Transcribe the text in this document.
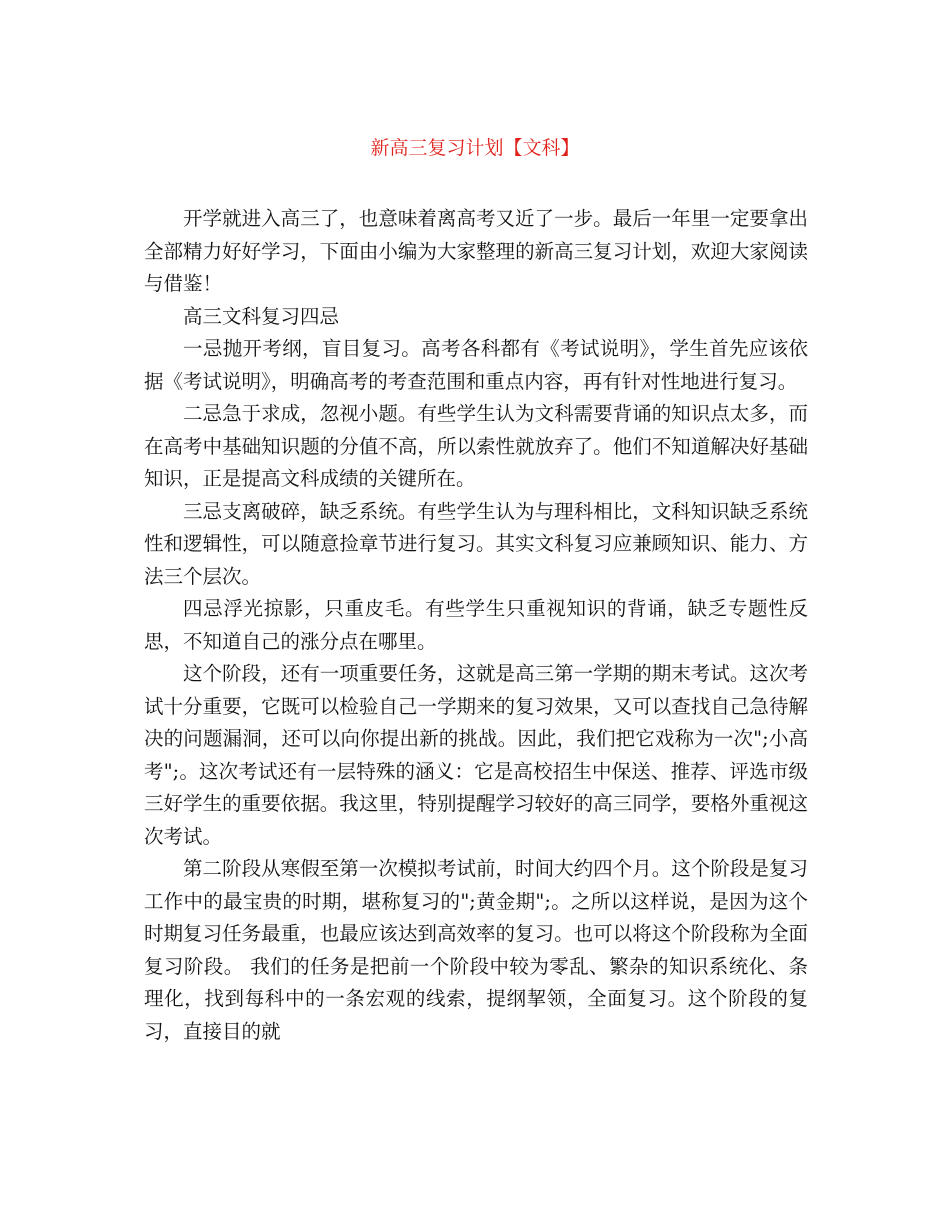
新高三复习计划【文科】

开学就进入高三了，也意味着离高考又近了一步。最后一年里一定要拿出全部精力好好学习，下面由小编为大家整理的新高三复习计划，欢迎大家阅读与借鉴！

高三文科复习四忌

一忌抛开考纲，盲目复习。高考各科都有《考试说明》，学生首先应该依据《考试说明》，明确高考的考查范围和重点内容，再有针对性地进行复习。

二忌急于求成，忽视小题。有些学生认为文科需要背诵的知识点太多，而在高考中基础知识题的分值不高，所以索性就放弃了。他们不知道解决好基础知识，正是提高文科成绩的关键所在。

三忌支离破碎，缺乏系统。有些学生认为与理科相比，文科知识缺乏系统性和逻辑性，可以随意捡章节进行复习。其实文科复习应兼顾知识、能力、方法三个层次。

四忌浮光掠影，只重皮毛。有些学生只重视知识的背诵，缺乏专题性反思，不知道自己的涨分点在哪里。

这个阶段，还有一项重要任务，这就是高三第一学期的期末考试。这次考试十分重要，它既可以检验自己一学期来的复习效果，又可以查找自己急待解决的问题漏洞，还可以向你提出新的挑战。因此，我们把它戏称为一次";小高考";。这次考试还有一层特殊的涵义：它是高校招生中保送、推荐、评选市级三好学生的重要依据。我这里，特别提醒学习较好的高三同学，要格外重视这次考试。

第二阶段从寒假至第一次模拟考试前，时间大约四个月。这个阶段是复习工作中的最宝贵的时期，堪称复习的";黄金期";。之所以这样说，是因为这个时期复习任务最重，也最应该达到高效率的复习。也可以将这个阶段称为全面复习阶段。 我们的任务是把前一个阶段中较为零乱、繁杂的知识系统化、条理化，找到每科中的一条宏观的线索，提纲挈领，全面复习。这个阶段的复习，直接目的就
